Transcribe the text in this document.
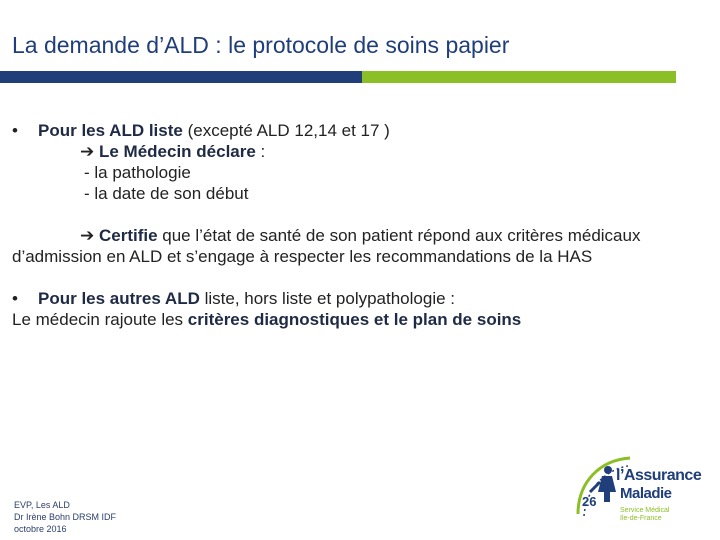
La demande d’ALD : le protocole de soins papier
• Pour les ALD liste (excepté ALD 12,14 et 17 )
➔ Le Médecin déclare :
- la pathologie
- la date de son début
➔ Certifie que l’état de santé de son patient répond aux critères médicaux d’admission en ALD et s’engage à respecter les recommandations de la HAS
• Pour les autres ALD liste, hors liste et polypathologie :
Le médecin rajoute les critères diagnostiques et le plan de soins
EVP, Les ALD
Dr Irène Bohn DRSM IDF
octobre 2016
26
l’Assurance
Maladie
Service Médical
Ile-de-France
